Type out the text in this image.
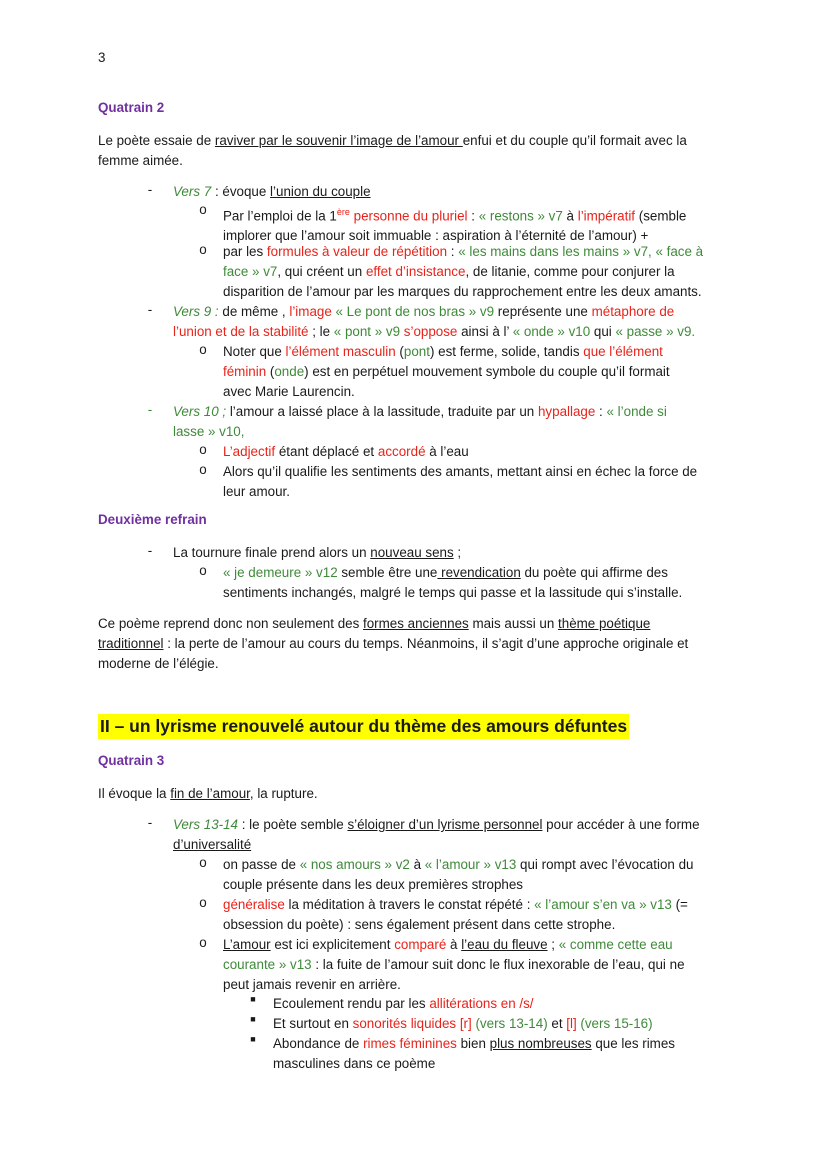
3
Quatrain 2

Le poète essaie de raviver par le souvenir l’image de l’amour enfui et du couple qu’il formait avec la

femme aimée.

-	Vers 7 : évoque l’union du couple

o Par l’emploi de la 1ère personne du pluriel : « restons » v7 à l’impératif (semble

implorer que l’amour soit immuable : aspiration à l’éternité de l’amour) +

o par les formules à valeur de répétition : « les mains dans les mains » v7, « face à

face » v7, qui créent un effet d’insistance, de litanie, comme pour conjurer la

disparition de l’amour par les marques du rapprochement entre les deux amants.

-	Vers 9 : de même , l’image « Le pont de nos bras » v9 représente une métaphore de

l’union et de la stabilité ; le « pont » v9 s’oppose ainsi à l’ « onde » v10 qui « passe » v9.

o Noter que l’élément masculin (pont) est ferme, solide, tandis que l’élément

féminin (onde) est en perpétuel mouvement symbole du couple qu’il formait

avec Marie Laurencin.

-	Vers 10 ; l’amour a laissé place à la lassitude, traduite par un hypallage : « l’onde si

lasse » v10,

o L’adjectif étant déplacé et accordé à l’eau

o Alors qu’il qualifie les sentiments des amants, mettant ainsi en échec la force de

leur amour.

Deuxième refrain
-	La tournure finale prend alors un nouveau sens ;

o « je demeure » v12 semble être une revendication du poète qui affirme des

sentiments inchangés, malgré le temps qui passe et la lassitude qui s’installe.

Ce poème reprend donc non seulement des formes anciennes mais aussi un thème poétique

traditionnel : la perte de l’amour au cours du temps. Néanmoins, il s’agit d’une approche originale et

moderne de l’élégie.

II – un lyrisme renouvelé autour du thème des amours défuntes
Quatrain 3

Il évoque la fin de l’amour, la rupture.

-	Vers 13-14 : le poète semble s’éloigner d’un lyrisme personnel pour accéder à une forme

d’universalité

o on passe de « nos amours » v2 à « l’amour » v13 qui rompt avec l’évocation du

couple présente dans les deux premières strophes

o généralise la méditation à travers le constat répété : « l’amour s’en va » v13 (=

obsession du poète) : sens également présent dans cette strophe.

o L’amour est ici explicitement comparé à l’eau du fleuve ; « comme cette eau

courante » v13 : la fuite de l’amour suit donc le flux inexorable de l’eau, qui ne

peut jamais revenir en arrière.

■	Ecoulement rendu par les allitérations en /s/

■	Et surtout en sonorités liquides [r] (vers 13-14) et [l] (vers 15-16)

■	Abondance de rimes féminines bien plus nombreuses que les rimes

masculines dans ce poème
